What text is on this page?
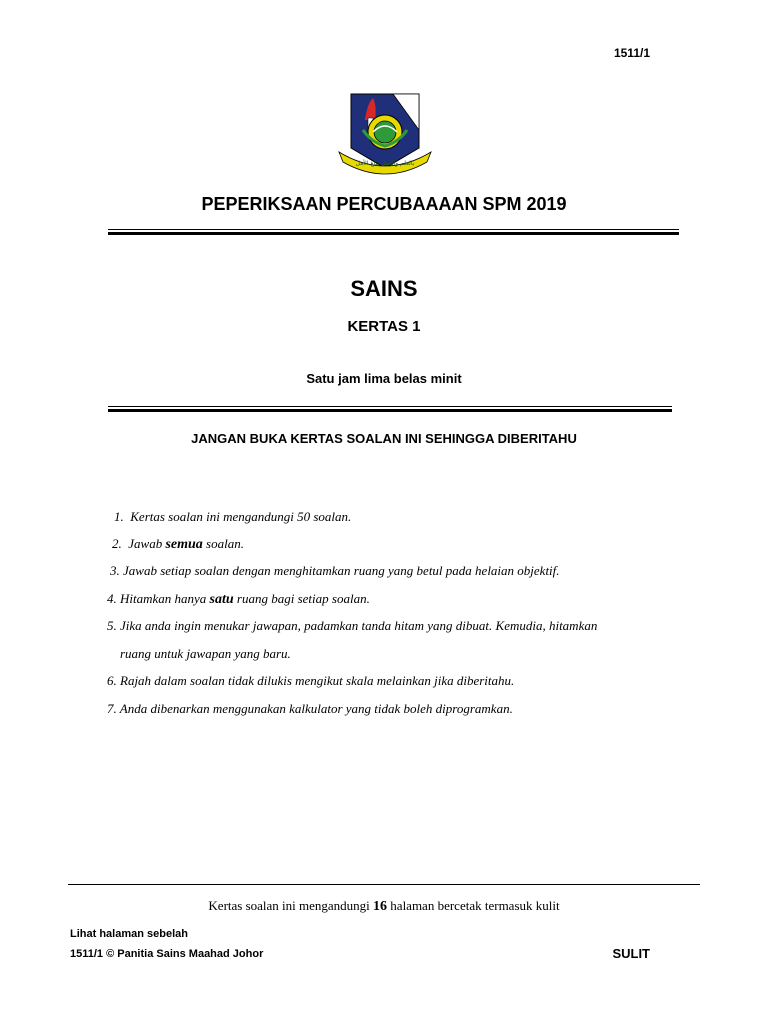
1511/1
بالعلم والعمل نبلغ الأمل
PEPERIKSAAN PERCUBAAAAN SPM 2019
SAINS
KERTAS 1
Satu jam lima belas minit
JANGAN BUKA KERTAS SOALAN INI SEHINGGA DIBERITAHU
1. Kertas soalan ini mengandungi 50 soalan.
2. Jawab semua soalan.
3. Jawab setiap soalan dengan menghitamkan ruang yang betul pada helaian objektif.
4. Hitamkan hanya satu ruang bagi setiap soalan.
5. Jika anda ingin menukar jawapan, padamkan tanda hitam yang dibuat. Kemudia, hitamkan
ruang untuk jawapan yang baru.
6. Rajah dalam soalan tidak dilukis mengikut skala melainkan jika diberitahu.
7. Anda dibenarkan menggunakan kalkulator yang tidak boleh diprogramkan.
Kertas soalan ini mengandungi 16 halaman bercetak termasuk kulit
Lihat halaman sebelah
1511/1 © Panitia Sains Maahad Johor	SULIT
